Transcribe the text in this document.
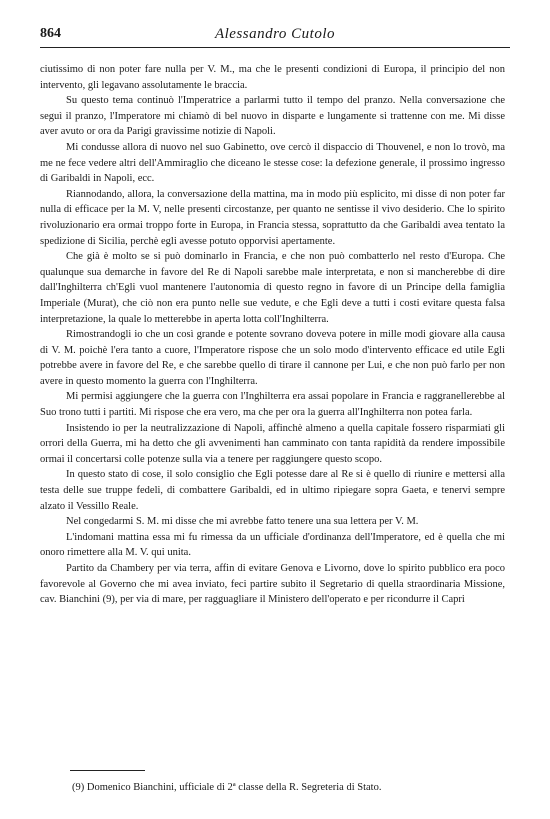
864	Alessandro Cutolo

ciutissimo di non poter fare nulla per V. M., ma che le presenti condizioni di Europa, il principio del non intervento, gli legavano assolutamente le braccia.

Su questo tema continuò l'Imperatrice a parlarmi tutto il tempo del pranzo. Nella conversazione che seguì il pranzo, l'Imperatore mi chiamò di bel nuovo in disparte e lungamente si trattenne con me. Mi disse aver avuto or ora da Parigi gravissime notizie di Napoli.

Mi condusse allora di nuovo nel suo Gabinetto, ove cercò il dispaccio di Thouvenel, e non lo trovò, ma me ne fece vedere altri dell'Ammiraglio che diceano le stesse cose: la defezione generale, il prossimo ingresso di Garibaldi in Napoli, ecc.

Riannodando, allora, la conversazione della mattina, ma in modo più esplicito, mi disse di non poter far nulla di efficace per la M. V, nelle presenti circostanze, per quanto ne sentisse il vivo desiderio. Che lo spirito rivoluzionario era ormai troppo forte in Europa, in Francia stessa, soprattutto da che Garibaldi avea tentato la spedizione di Sicilia, perchè egli avesse potuto opporvisi apertamente.

Che già è molto se si può dominarlo in Francia, e che non può combatterlo nel resto d'Europa. Che qualunque sua demarche in favore del Re di Napoli sarebbe male interpretata, e non si mancherebbe di dire dall'Inghilterra ch'Egli vuol mantenere l'autonomia di questo regno in favore di un Principe della famiglia Imperiale (Murat), che ciò non era punto nelle sue vedute, e che Egli deve a tutti i costi evitare questa falsa interpretazione, la quale lo metterebbe in aperta lotta coll'Inghilterra.

Rimostrandogli io che un così grande e potente sovrano doveva potere in mille modi giovare alla causa di V. M. poichè l'era tanto a cuore, l'Imperatore rispose che un solo modo d'intervento efficace ed utile Egli potrebbe avere in favore del Re, e che sarebbe quello di tirare il cannone per Lui, e che non può farlo per non avere in questo momento la guerra con l'Inghilterra.

Mi permisi aggiungere che la guerra con l'Inghilterra era assai popolare in Francia e raggranellerebbe al Suo trono tutti i partiti. Mi rispose che era vero, ma che per ora la guerra all'Inghilterra non potea farla.

Insistendo io per la neutralizzazione di Napoli, affinchè almeno a quella capitale fossero risparmiati gli orrori della Guerra, mi ha detto che gli avvenimenti han camminato con tanta rapidità da rendere impossibile ormai il concertarsi colle potenze sulla via a tenere per raggiungere questo scopo.

In questo stato di cose, il solo consiglio che Egli potesse dare al Re si è quello di riunire e mettersi alla testa delle sue truppe fedeli, di combattere Garibaldi, ed in ultimo ripiegare sopra Gaeta, e tenervi sempre alzato il Vessillo Reale.

Nel congedarmi S. M. mi disse che mi avrebbe fatto tenere una sua lettera per V. M.

L'indomani mattina essa mi fu rimessa da un ufficiale d'ordinanza dell'Imperatore, ed è quella che mi onoro rimettere alla M. V. qui unita.

Partito da Chambery per via terra, affin di evitare Genova e Livorno, dove lo spirito pubblico era poco favorevole al Governo che mi avea inviato, feci partire subito il Segretario di quella straordinaria Missione, cav. Bianchini (9), per via di mare, per ragguagliare il Ministero dell'operato e per ricondurre il Capri

(9) Domenico Bianchini, ufficiale di 2ª classe della R. Segreteria di Stato.
